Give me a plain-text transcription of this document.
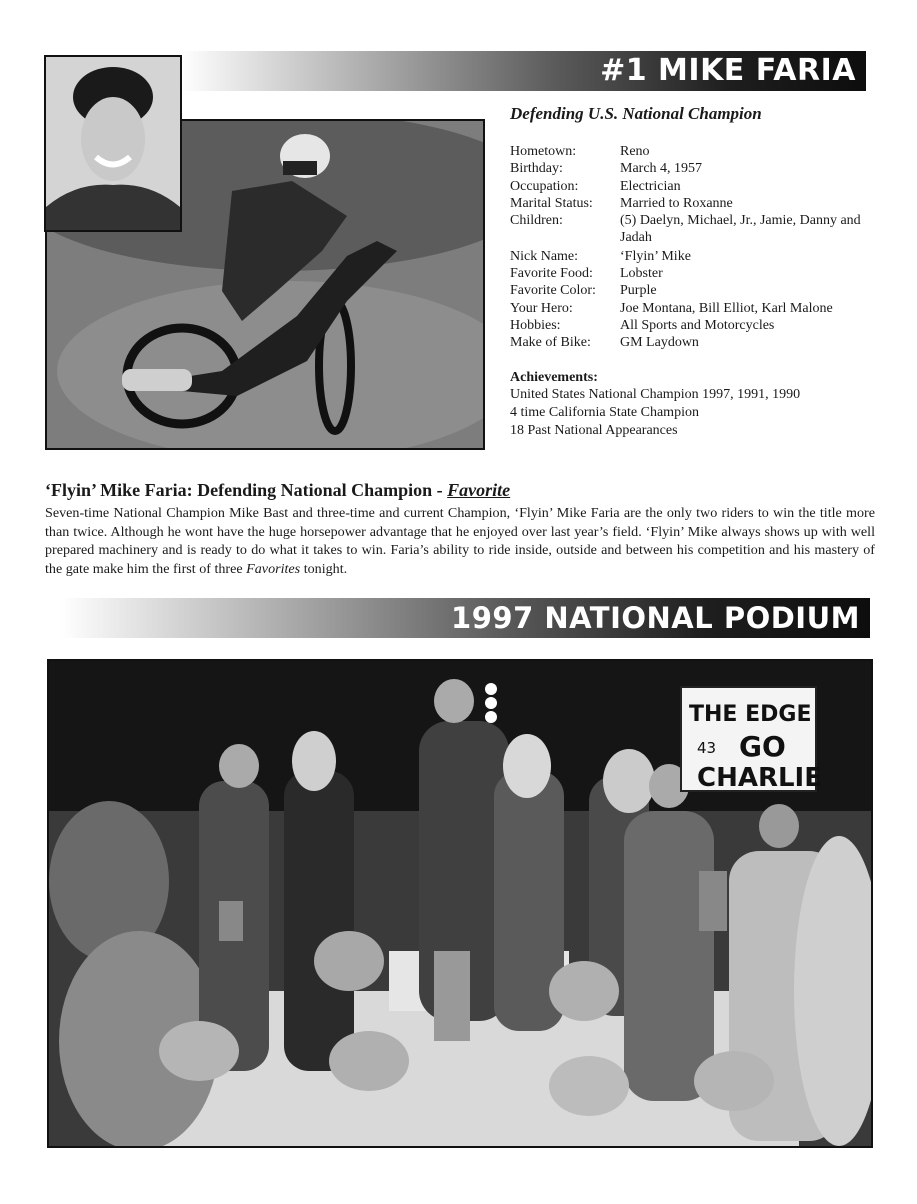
#1 MIKE FARIA
Defending U.S. National Champion
Hometown:	Reno
Birthday:	March 4, 1957
Occupation:	Electrician
Marital Status:	Married to Roxanne
Children:	(5) Daelyn, Michael, Jr., Jamie, Danny and Jadah
Nick Name:	‘Flyin’ Mike
Favorite Food:	Lobster
Favorite Color:	Purple
Your Hero:	Joe Montana, Bill Elliot, Karl Malone
Hobbies:	All Sports and Motorcycles
Make of Bike:	GM Laydown
Achievements:
United States National Champion 1997, 1991, 1990
4 time California State Champion
18 Past National Appearances
‘Flyin’ Mike Faria: Defending National Champion - Favorite
Seven-time National Champion Mike Bast and three-time and current Champion, ‘Flyin’ Mike Faria are the only two riders to win the title more than twice. Although he wont have the huge horsepower advantage that he enjoyed over last year’s field. ‘Flyin’ Mike always shows up with well prepared machinery and is ready to do what it takes to win. Faria’s ability to ride inside, outside and between his competition and his mastery of the gate make him the first of three Favorites tonight.
1997 NATIONAL PODIUM
THE EDGE
43 GO
CHARLIE
